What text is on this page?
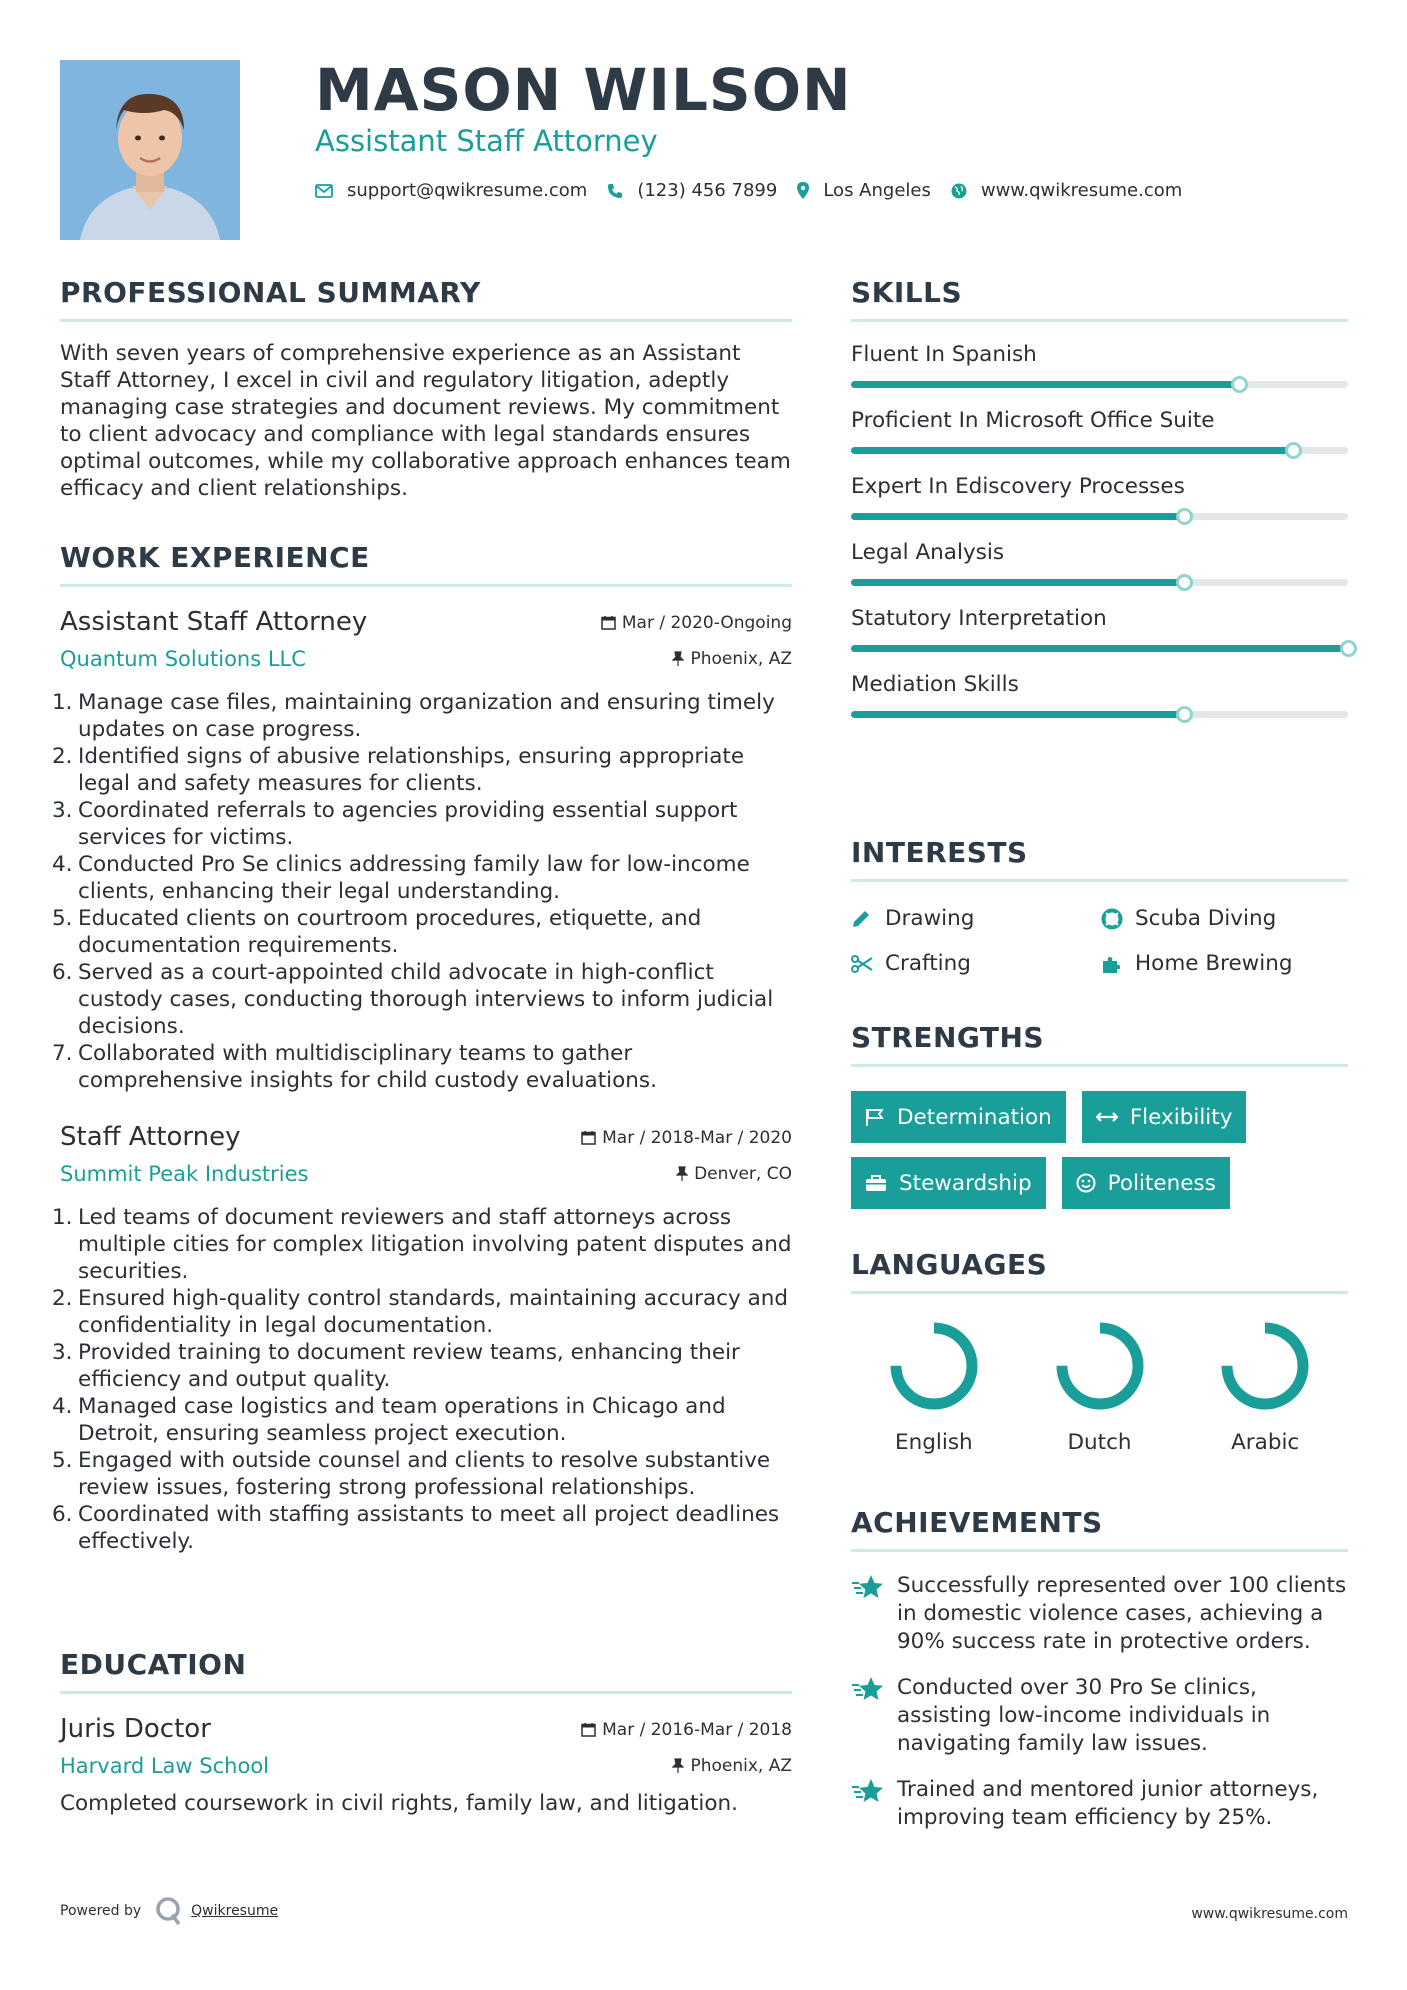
MASON WILSON
Assistant Staff Attorney
support@qwikresume.com	(123) 456 7899	Los Angeles	www.qwikresume.com
PROFESSIONAL SUMMARY
With seven years of comprehensive experience as an Assistant Staff Attorney, I excel in civil and regulatory litigation, adeptly managing case strategies and document reviews. My commitment to client advocacy and compliance with legal standards ensures optimal outcomes, while my collaborative approach enhances team efficacy and client relationships.
WORK EXPERIENCE
Assistant Staff Attorney	Mar / 2020-Ongoing
Quantum Solutions LLC	Phoenix, AZ
1. Manage case files, maintaining organization and ensuring timely updates on case progress.
2. Identified signs of abusive relationships, ensuring appropriate legal and safety measures for clients.
3. Coordinated referrals to agencies providing essential support services for victims.
4. Conducted Pro Se clinics addressing family law for low-income clients, enhancing their legal understanding.
5. Educated clients on courtroom procedures, etiquette, and documentation requirements.
6. Served as a court-appointed child advocate in high-conflict custody cases, conducting thorough interviews to inform judicial decisions.
7. Collaborated with multidisciplinary teams to gather comprehensive insights for child custody evaluations.
Staff Attorney	Mar / 2018-Mar / 2020
Summit Peak Industries	Denver, CO
1. Led teams of document reviewers and staff attorneys across multiple cities for complex litigation involving patent disputes and securities.
2. Ensured high-quality control standards, maintaining accuracy and confidentiality in legal documentation.
3. Provided training to document review teams, enhancing their efficiency and output quality.
4. Managed case logistics and team operations in Chicago and Detroit, ensuring seamless project execution.
5. Engaged with outside counsel and clients to resolve substantive review issues, fostering strong professional relationships.
6. Coordinated with staffing assistants to meet all project deadlines effectively.
EDUCATION
Juris Doctor	Mar / 2016-Mar / 2018
Harvard Law School	Phoenix, AZ
Completed coursework in civil rights, family law, and litigation.
SKILLS
Fluent In Spanish
Proficient In Microsoft Office Suite
Expert In Ediscovery Processes
Legal Analysis
Statutory Interpretation
Mediation Skills
INTERESTS
Drawing	Scuba Diving
Crafting	Home Brewing
STRENGTHS
Determination	Flexibility
Stewardship	Politeness
LANGUAGES
English	Dutch	Arabic
ACHIEVEMENTS
Successfully represented over 100 clients in domestic violence cases, achieving a 90% success rate in protective orders.
Conducted over 30 Pro Se clinics, assisting low-income individuals in navigating family law issues.
Trained and mentored junior attorneys, improving team efficiency by 25%.
Powered by	Qwikresume	www.qwikresume.com
